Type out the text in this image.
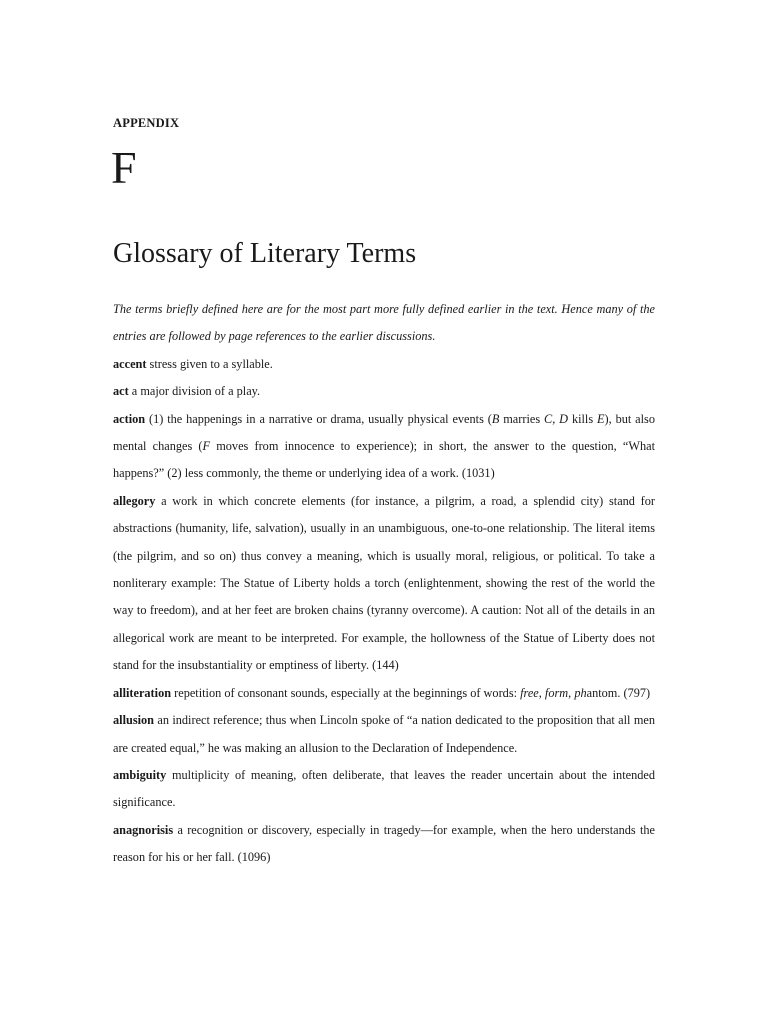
APPENDIX
F
Glossary of Literary Terms

The terms briefly defined here are for the most part more fully defined earlier in the text. Hence many of the entries are followed by page references to the earlier discussions.

accent stress given to a syllable.

act a major division of a play.

action (1) the happenings in a narrative or drama, usually physical events (B marries C, D kills E), but also mental changes (F moves from innocence to experience); in short, the answer to the question, “What happens?” (2) less commonly, the theme or underlying idea of a work. (1031)

allegory a work in which concrete elements (for instance, a pilgrim, a road, a splendid city) stand for abstractions (humanity, life, salvation), usually in an unambiguous, one-to-one relationship. The literal items (the pilgrim, and so on) thus convey a meaning, which is usually moral, religious, or political. To take a nonliterary example: The Statue of Liberty holds a torch (enlightenment, showing the rest of the world the way to freedom), and at her feet are broken chains (tyranny overcome). A caution: Not all of the details in an allegorical work are meant to be interpreted. For example, the hollowness of the Statue of Liberty does not stand for the insubstantiality or emptiness of liberty. (144)

alliteration repetition of consonant sounds, especially at the beginnings of words: free, form, phantom. (797)

allusion an indirect reference; thus when Lincoln spoke of “a nation dedicated to the proposition that all men are created equal,” he was making an allusion to the Declaration of Independence.

ambiguity multiplicity of meaning, often deliberate, that leaves the reader uncertain about the intended significance.

anagnorisis a recognition or discovery, especially in tragedy—for example, when the hero understands the reason for his or her fall. (1096)
